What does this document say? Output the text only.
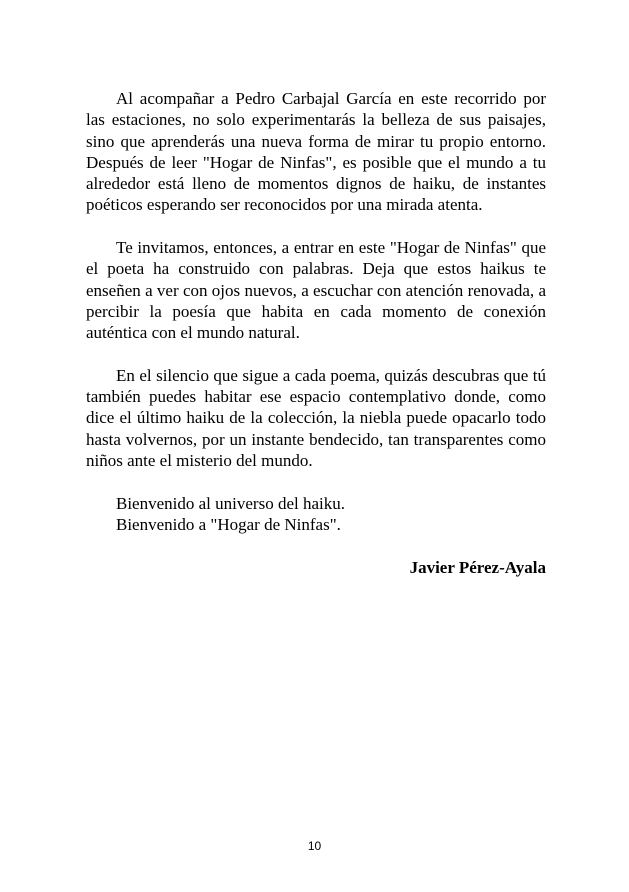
Al acompañar a Pedro Carbajal García en este recorrido por las estaciones, no solo experimentarás la belleza de sus paisajes, sino que aprenderás una nueva forma de mirar tu propio entorno. Después de leer "Hogar de Ninfas", es posible que el mundo a tu alrededor está lleno de momentos dignos de haiku, de instantes poéticos esperando ser reconocidos por una mirada atenta.

Te invitamos, entonces, a entrar en este "Hogar de Ninfas" que el poeta ha construido con palabras. Deja que estos haikus te enseñen a ver con ojos nuevos, a escuchar con atención renovada, a percibir la poesía que habita en cada momento de conexión auténtica con el mundo natural.

En el silencio que sigue a cada poema, quizás descubras que tú también puedes habitar ese espacio contemplativo donde, como dice el último haiku de la colección, la niebla puede opacarlo todo hasta volvernos, por un instante bendecido, tan transparentes como niños ante el misterio del mundo.

Bienvenido al universo del haiku.

Bienvenido a "Hogar de Ninfas".

Javier Pérez-Ayala

10
